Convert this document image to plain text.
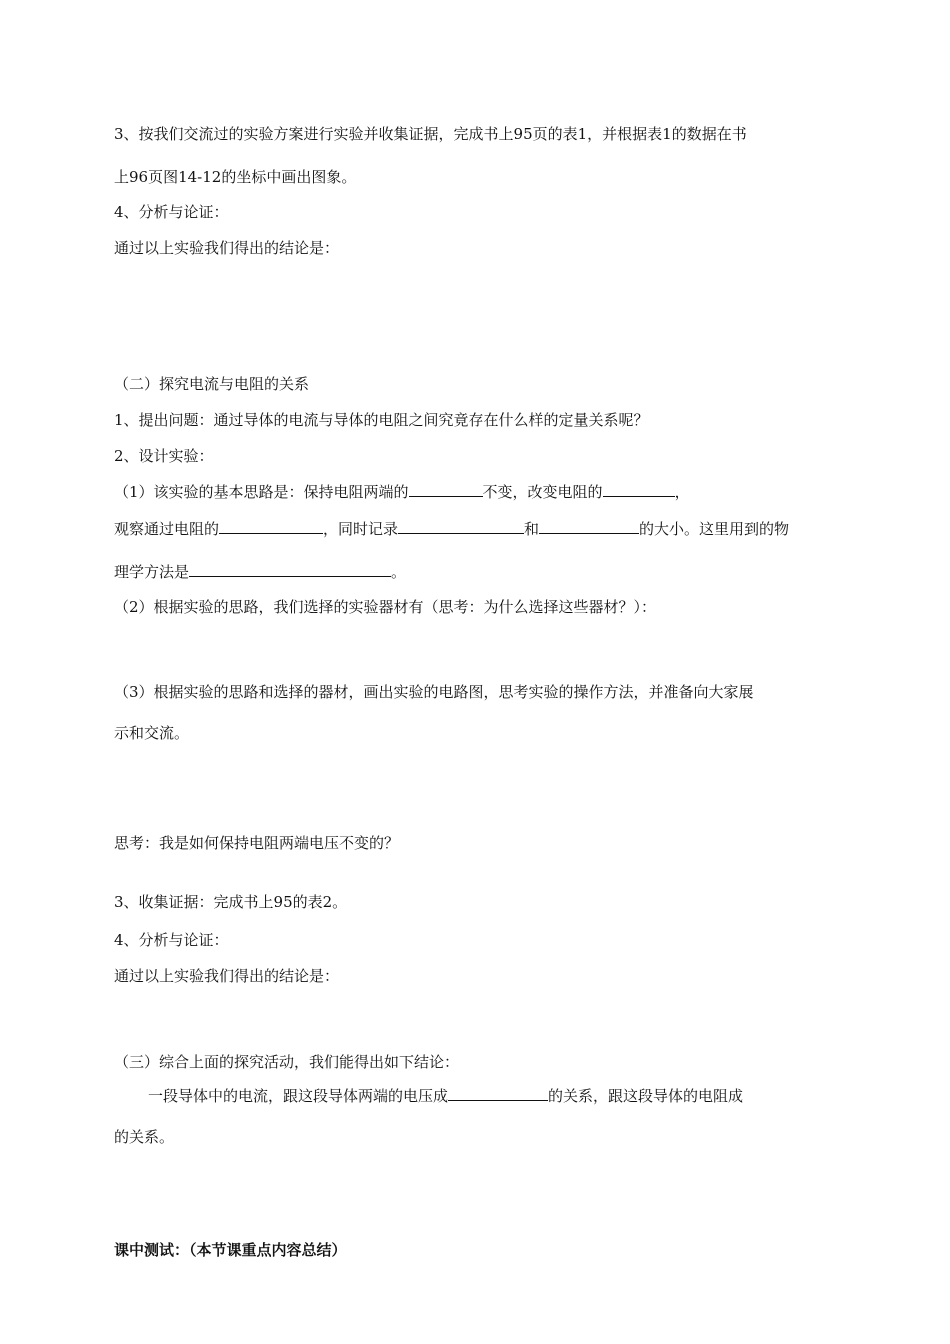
3、按我们交流过的实验方案进行实验并收集证据，完成书上95页的表1，并根据表1的数据在书
上96页图14-12的坐标中画出图象。
4、分析与论证：
通过以上实验我们得出的结论是：
（二）探究电流与电阻的关系
1、提出问题：通过导体的电流与导体的电阻之间究竟存在什么样的定量关系呢？
2、设计实验：
（1）该实验的基本思路是：保持电阻两端的	不变，改变电阻的	，
观察通过电阻的	，同时记录	和	的大小。这里用到的物
理学方法是	。
（2）根据实验的思路，我们选择的实验器材有（思考：为什么选择这些器材？）：
（3）根据实验的思路和选择的器材，画出实验的电路图，思考实验的操作方法，并准备向大家展
示和交流。
思考：我是如何保持电阻两端电压不变的？
3、收集证据：完成书上95的表2。
4、分析与论证：
通过以上实验我们得出的结论是：
（三）综合上面的探究活动，我们能得出如下结论：
一段导体中的电流，跟这段导体两端的电压成	的关系，跟这段导体的电阻成
的关系。
课中测试：（本节课重点内容总结）
